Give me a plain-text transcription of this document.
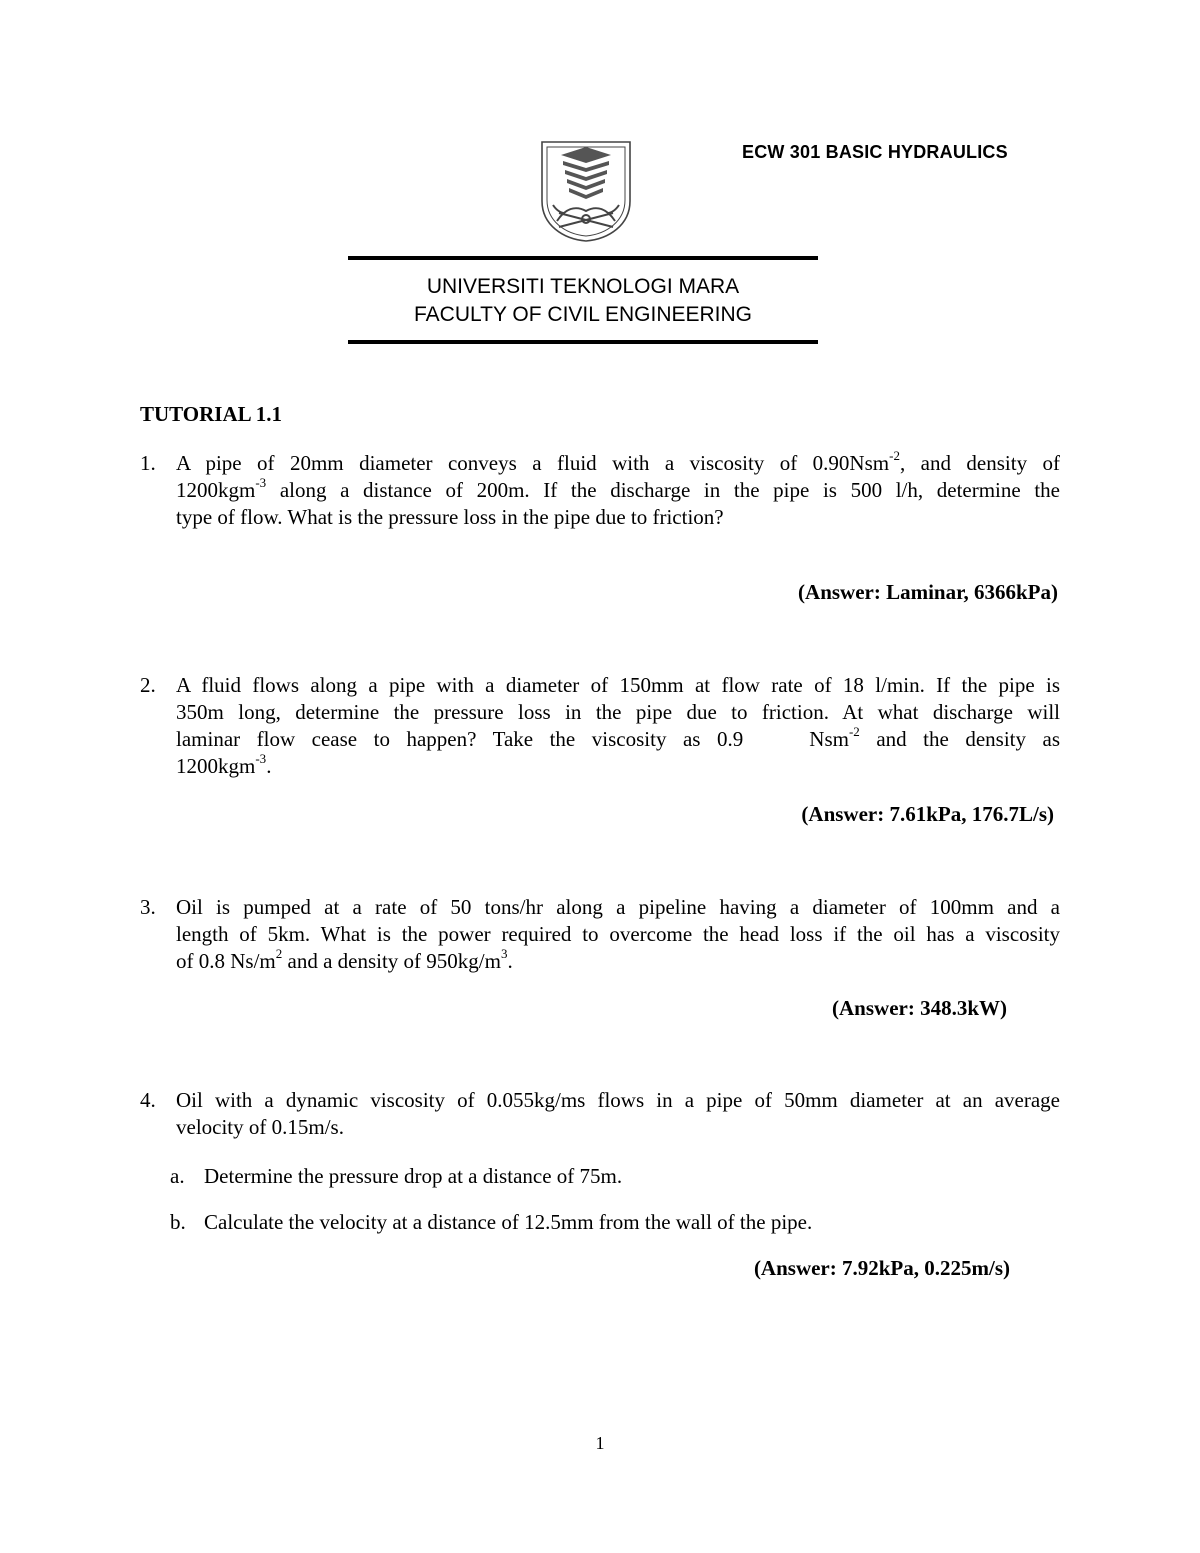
ECW 301 BASIC HYDRAULICS
UNIVERSITI TEKNOLOGI MARA
FACULTY OF CIVIL ENGINEERING
TUTORIAL 1.1
1. A pipe of 20mm diameter conveys a fluid with a viscosity of 0.90Nsm$^{-2}$, and density of
1200kgm$^{-3}$ along a distance of 200m. If the discharge in the pipe is 500 l/h, determine the
type of flow. What is the pressure loss in the pipe due to friction?
(Answer: Laminar, 6366kPa)
2. A fluid flows along a pipe with a diameter of 150mm at flow rate of 18 l/min. If the pipe is
350m long, determine the pressure loss in the pipe due to friction. At what discharge will
laminar flow cease to happen? Take the viscosity as 0.9    Nsm$^{-2}$ and the density as
1200kgm$^{-3}$.
(Answer: 7.61kPa, 176.7L/s)
3. Oil is pumped at a rate of 50 tons/hr along a pipeline having a diameter of 100mm and a
length of 5km. What is the power required to overcome the head loss if the oil has a viscosity
of 0.8 $Ns/m^2$ and a density of $950kg/m^3$.
(Answer: 348.3kW)
4. Oil with a dynamic viscosity of 0.055kg/ms flows in a pipe of 50mm diameter at an average
velocity of 0.15m/s.
a. Determine the pressure drop at a distance of 75m.
b. Calculate the velocity at a distance of 12.5mm from the wall of the pipe.
(Answer: 7.92kPa, 0.225m/s)
1
